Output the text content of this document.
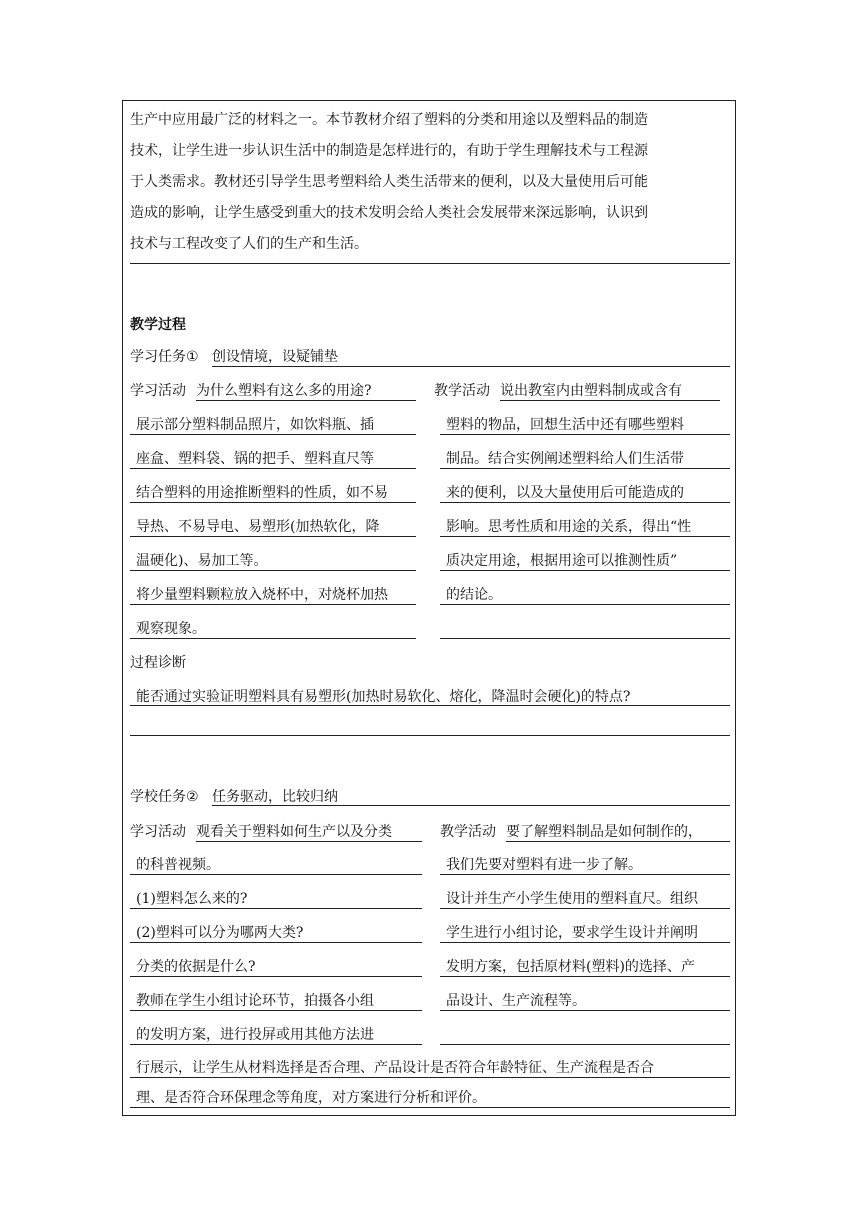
生产中应用最广泛的材料之一。本节教材介绍了塑料的分类和用途以及塑料品的制造
技术，让学生进一步认识生活中的制造是怎样进行的，有助于学生理解技术与工程源
于人类需求。教材还引导学生思考塑料给人类生活带来的便利，以及大量使用后可能
造成的影响，让学生感受到重大的技术发明会给人类社会发展带来深远影响，认识到
技术与工程改变了人们的生产和生活。
教学过程
学习任务① 创设情境，设疑铺垫
学习活动 为什么塑料有这么多的用途?	教学活动 说出教室内由塑料制成或含有
展示部分塑料制品照片，如饮料瓶、插
座盒、塑料袋、锅的把手、塑料直尺等
结合塑料的用途推断塑料的性质，如不易
导热、不易导电、易塑形(加热软化，降
温硬化)、易加工等。
将少量塑料颗粒放入烧杯中，对烧杯加热
观察现象。
塑料的物品，回想生活中还有哪些塑料
制品。结合实例阐述塑料给人们生活带
来的便利，以及大量使用后可能造成的
影响。思考性质和用途的关系，得出“性
质决定用途，根据用途可以推测性质”
的结论。
过程诊断
能否通过实验证明塑料具有易塑形(加热时易软化、熔化，降温时会硬化)的特点?
学校任务② 任务驱动，比较归纳
学习活动 观看关于塑料如何生产以及分类	教学活动 要了解塑料制品是如何制作的，
的科普视频。
(1)塑料怎么来的?
(2)塑料可以分为哪两大类?
分类的依据是什么?
教师在学生小组讨论环节，拍摄各小组
的发明方案，进行投屏或用其他方法进
我们先要对塑料有进一步了解。
设计并生产小学生使用的塑料直尺。组织
学生进行小组讨论，要求学生设计并阐明
发明方案，包括原材料(塑料)的选择、产
品设计、生产流程等。
行展示，让学生从材料选择是否合理、产品设计是否符合年龄特征、生产流程是否合
理、是否符合环保理念等角度，对方案进行分析和评价。
